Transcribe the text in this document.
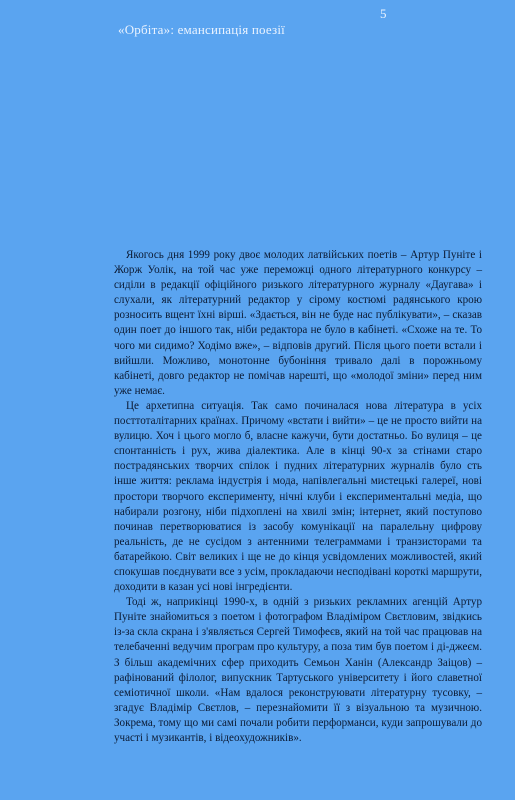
5
«Орбіта»: емансипація поезії

Якогось дня 1999 року двоє молодих латвійських поетів – Артур Пуніте і Жорж Уолік, на той час уже переможці одного літературного конкурсу – сиділи в редакції офіційного ризького літературного журналу «Даугава» і слухали, як літературний редактор у сірому костюмі радянського крою розносить вщент їхні вірші. «Здається, він не буде нас публікувати», – сказав один поет до іншого так, ніби редактора не було в кабінеті. «Схоже на те. То чого ми сидимо? Ходімо вже», – відповів другий. Після цього поети встали і вийшли. Можливо, монотонне бубоніння тривало далі в порожньому кабінеті, довго редактор не помічав нарешті, що «молодої зміни» перед ним уже немає.

Це архетипна ситуація. Так само починалася нова література в усіх посттоталітарних країнах. Причому «встати і вийти» – це не просто вийти на вулицю. Хоч і цього могло б, власне кажучи, бути достатньо. Бо вулиця – це спонтанність і рух, жива діалектика. Але в кінці 90-х за стінами старо пострадянських творчих спілок і пудних літературних журналів було сть інше життя: реклама індустрія і мода, напівлегальні мистецькі галереї, нові простори творчого експерименту, нічні клуби і експериментальні медіа, що набирали розгону, ніби підхоплені на хвилі змін; інтернет, який поступово починав перетворюватися із засобу комунікації на паралельну цифрову реальність, де не сусідом з антенними телеграммами і транзисторами та батарейкою. Світ великих і ще не до кінця усвідомлених можливостей, який спокушав поєднувати все з усім, прокладаючи несподівані короткі маршрути, доходити в казан усі нові інгредієнти.

Тоді ж, наприкінці 1990-х, в одній з ризьких рекламних агенцій Артур Пуніте знайомиться з поетом і фотографом Владіміром Свєтловим, звідкись із-за скла скрана і з'являється Сергей Тимофеєв, який на той час працював на телебаченні ведучим програм про культуру, а поза тим був поетом і ді-джеєм. З більш академічних сфер приходить Семьон Ханін (Александр Заіцов) – рафінований філолог, випускник Тартуського університету і його славетної семіотичної школи. «Нам вдалося реконструювати літературну тусовку, – згадує Владімір Свєтлов, – перезнайомити її з візуальною та музичною. Зокрема, тому що ми самі почали робити перформанси, куди запрошували до участі і музикантів, і відеохудожників».
